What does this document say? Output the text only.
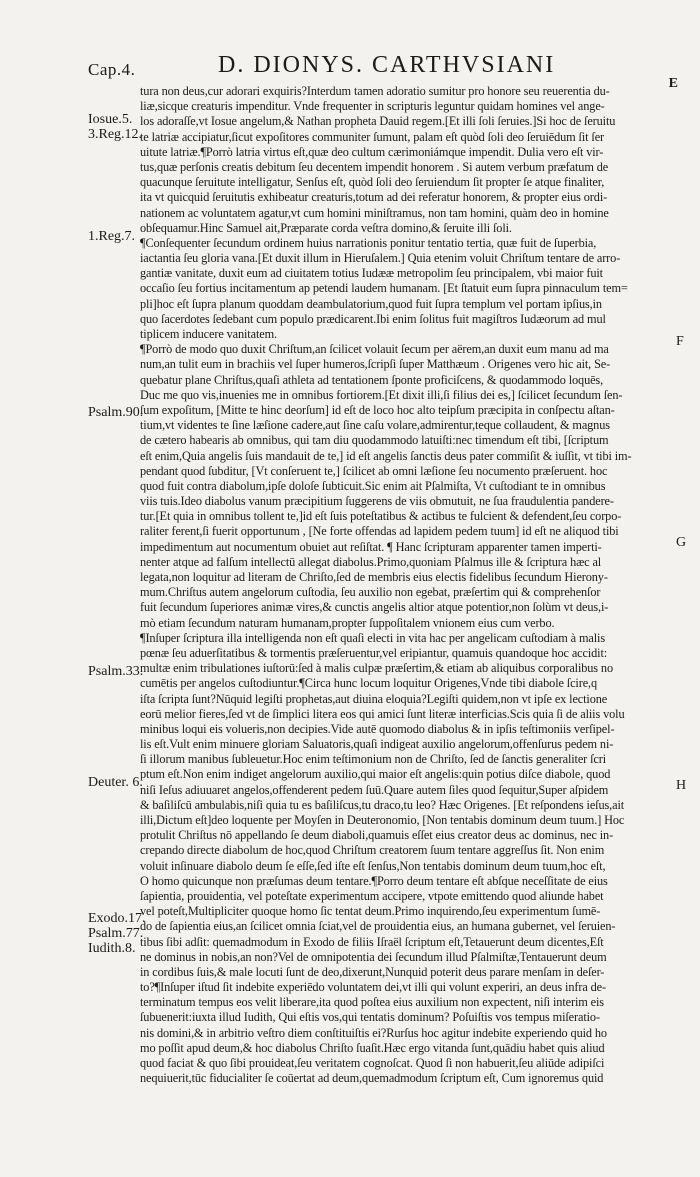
Cap.4.	D. DIONYS. CARTHVSIANI
E
F
G
H
Iosue.5.
3.Reg.12.
1.Reg.7.
Psalm.90.
Psalm.33.
Deuter. 6.
Exodo.17.
Psalm.77.
Iudith.8.
tura non deus,cur adorari exquiris?Interdum tamen adoratio sumitur pro honore seu reuerentia du-
liæ,sicque creaturis impenditur. Vnde frequenter in scripturis leguntur quidam homines vel ange-
los adoraſſe,vt Iosue angelum,& Nathan propheta Dauid regem.[Et illi ſoli ſeruies.]Si hoc de ſeruitu
te latriæ accipiatur,ſicut expoſitores communiter ſumunt, palam eſt quòd ſoli deo ſeruiēdum ſit ſer
uitute latriæ.¶Porrò latria virtus eſt,quæ deo cultum cærimoniámque impendit. Dulia vero eſt vir-
tus,quæ perſonis creatis debitum ſeu decentem impendit honorem . Si autem verbum præfatum de
quacunque ſeruitute intelligatur, Senſus eſt, quòd ſoli deo ſeruiendum ſit propter ſe atque finaliter,
ita vt quicquid ſeruitutis exhibeatur creaturis,totum ad dei referatur honorem, & propter eius ordi-
nationem ac voluntatem agatur,vt cum homini miniſtramus, non tam homini, quàm deo in homine
obſequamur.Hinc Samuel ait,Præparate corda veſtra domino,& ſeruite illi ſoli.
¶Conſequenter ſecundum ordinem huius narrationis ponitur tentatio tertia, quæ fuit de ſuperbia,
iactantia ſeu gloria vana.[Et duxit illum in Hieruſalem.] Quia etenim voluit Chriſtum tentare de arro-
gantiæ vanitate, duxit eum ad ciuitatem totius Iudææ metropolim ſeu principalem, vbi maior fuit
occaſio ſeu fortius incitamentum ap petendi laudem humanam. [Et ſtatuit eum ſupra pinnaculum tem=
pli]hoc eſt ſupra planum quoddam deambulatorium,quod fuit ſupra templum vel portam ipſius,in
quo ſacerdotes ſedebant cum populo prædicarent.Ibi enim ſolitus fuit magiſtros Iudæorum ad mul
tiplicem inducere vanitatem.
¶Porrò de modo quo duxit Chriſtum,an ſcilicet volauit ſecum per aërem,an duxit eum manu ad ma
num,an tulit eum in brachiis vel ſuper humeros,ſcripſi ſuper Matthæum . Origenes vero hic ait, Se-
quebatur plane Chriſtus,quaſi athleta ad tentationem ſponte proficiſcens, & quodammodo loquēs,
Duc me quo vis,inuenies me in omnibus fortiorem.[Et dixit illi,ſi filius dei es,] ſcilicet ſecundum ſen-
ſum expoſitum, [Mitte te hinc deorſum] id eſt de loco hoc alto teipſum præcipita in conſpectu aſtan-
tium,vt videntes te ſine læſione cadere,aut ſine caſu volare,admirentur,teque collaudent, & magnus
de cætero habearis ab omnibus, qui tam diu quodammodo latuiſti:nec timendum eſt tibi, [ſcriptum
eſt enim,Quia angelis ſuis mandauit de te,] id eſt angelis ſanctis deus pater commiſit & iuſſit, vt tibi im-
pendant quod ſubditur, [Vt conſeruent te,] ſcilicet ab omni læſione ſeu nocumento præſeruent. hoc
quod fuit contra diabolum,ipſe doloſe ſubticuit.Sic enim ait Pſalmiſta, Vt cuſtodiant te in omnibus
viis tuis.Ideo diabolus vanum præcipitium ſuggerens de viis obmutuit, ne ſua fraudulentia pandere-
tur.[Et quia in omnibus tollent te,]id eſt ſuis poteſtatibus & actibus te fulcient & defendent,ſeu corpo-
raliter ferent,ſi fuerit opportunum , [Ne forte offendas ad lapidem pedem tuum] id eſt ne aliquod tibi
impedimentum aut nocumentum obuiet aut reſiſtat. ¶ Hanc ſcripturam apparenter tamen imperti-
nenter atque ad falſum intellectū allegat diabolus.Primo,quoniam Pſalmus ille & ſcriptura hæc al
legata,non loquitur ad literam de Chriſto,ſed de membris eius electis fidelibus ſecundum Hierony-
mum.Chriſtus autem angelorum cuſtodia, ſeu auxilio non egebat, præſertim qui & comprehenſor
fuit ſecundum ſuperiores animæ vires,& cunctis angelis altior atque potentior,non ſolùm vt deus,i-
mò etiam ſecundum naturam humanam,propter ſuppoſitalem vnionem eius cum verbo.
¶Inſuper ſcriptura illa intelligenda non eſt quaſi electi in vita hac per angelicam cuſtodiam à malis
pœnæ ſeu aduerſitatibus & tormentis præſeruentur,vel eripiantur, quamuis quandoque hoc accidit:
multæ enim tribulationes iuſtorū:ſed à malis culpæ præſertim,& etiam ab aliquibus corporalibus no
cumētis per angelos cuſtodiuntur.¶Circa hunc locum loquitur Origenes,Vnde tibi diabole ſcire,q
iſta ſcripta ſunt?Nūquid legiſti prophetas,aut diuina eloquia?Legiſti quidem,non vt ipſe ex lectione
eorū melior fieres,ſed vt de ſimplici litera eos qui amici ſunt literæ interficias.Scis quia ſi de aliis volu
minibus loqui eis volueris,non decipies.Vide autē quomodo diabolus & in ipſis teſtimoniis verſipel-
lis eſt.Vult enim minuere gloriam Saluatoris,quaſi indigeat auxilio angelorum,offenſurus pedem ni-
ſi illorum manibus ſubleuetur.Hoc enim teſtimonium non de Chriſto, ſed de ſanctis generaliter ſcri
ptum eſt.Non enim indiget angelorum auxilio,qui maior eſt angelis:quin potius diſce diabole, quod
niſi Ieſus adiuuaret angelos,offenderent pedem ſuū.Quare autem ſiles quod ſequitur,Super aſpidem
& baſiliſcū ambulabis,niſi quia tu es baſiliſcus,tu draco,tu leo? Hæc Origenes. [Et reſpondens ieſus,ait
illi,Dictum eſt]deo loquente per Moyſen in Deuteronomio, [Non tentabis dominum deum tuum.] Hoc
protulit Chriſtus nō appellando ſe deum diaboli,quamuis eſſet eius creator deus ac dominus, nec in-
crepando directe diabolum de hoc,quod Chriſtum creatorem ſuum tentare aggreſſus ſit. Non enim
voluit inſinuare diabolo deum ſe eſſe,ſed iſte eſt ſenſus,Non tentabis dominum deum tuum,hoc eſt,
O homo quicunque non præſumas deum tentare.¶Porro deum tentare eſt abſque neceſſitate de eius
ſapientia, prouidentia, vel poteſtate experimentum accipere, vtpote emittendo quod aliunde habet
vel poteſt,Multipliciter quoque homo ſic tentat deum.Primo inquirendo,ſeu experimentum ſumē-
do de ſapientia eius,an ſcilicet omnia ſciat,vel de prouidentia eius, an humana gubernet, vel ſeruien-
tibus ſibi adſit: quemadmodum in Exodo de filiis Iſraël ſcriptum eſt,Tetauerunt deum dicentes,Eſt
ne dominus in nobis,an non?Vel de omnipotentia dei ſecundum illud Pſalmiſtæ,Tentauerunt deum
in cordibus ſuis,& male locuti ſunt de deo,dixerunt,Nunquid poterit deus parare menſam in deſer-
to?¶Inſuper iſtud ſit indebite experiēdo voluntatem dei,vt illi qui volunt experiri, an deus infra de-
terminatum tempus eos velit liberare,ita quod poſtea eius auxilium non expectent, niſi interim eis
ſubuenerit:iuxta illud Iudith, Qui eſtis vos,qui tentatis dominum? Poſuiſtis vos tempus miſeratio-
nis domini,& in arbitrio veſtro diem conſtituiſtis ei?Rurſus hoc agitur indebite experiendo quid ho
mo poſſit apud deum,& hoc diabolus Chriſto ſuaſit.Hæc ergo vitanda ſunt,quādiu habet quis aliud
quod faciat & quo ſibi prouideat,ſeu veritatem cognoſcat. Quod ſi non habuerit,ſeu aliūde adipiſci
nequiuerit,tūc fiducialiter ſe coūertat ad deum,quemadmodum ſcriptum eſt, Cum ignoremus quid
